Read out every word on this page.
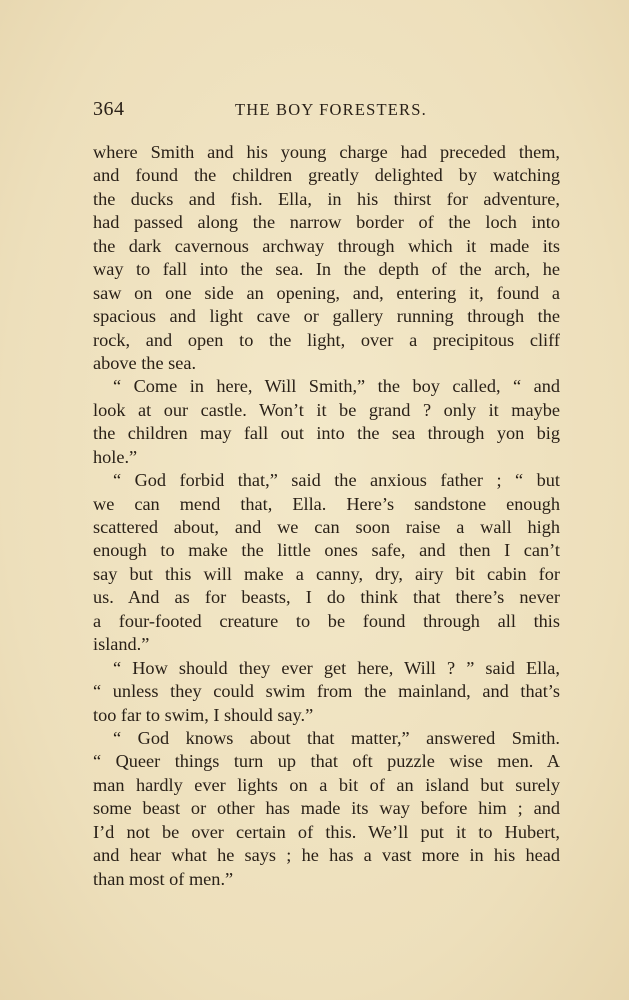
364	THE BOY FORESTERS.
where Smith and his young charge had preceded them,
and found the children greatly delighted by watching
the ducks and fish. Ella, in his thirst for adventure,
had passed along the narrow border of the loch into
the dark cavernous archway through which it made its
way to fall into the sea. In the depth of the arch, he
saw on one side an opening, and, entering it, found a
spacious and light cave or gallery running through the
rock, and open to the light, over a precipitous cliff
above the sea.
“ Come in here, Will Smith,” the boy called, “ and
look at our castle. Won’t it be grand ? only it maybe
the children may fall out into the sea through yon big
hole.”
“ God forbid that,” said the anxious father ; “ but
we can mend that, Ella. Here’s sandstone enough
scattered about, and we can soon raise a wall high
enough to make the little ones safe, and then I can’t
say but this will make a canny, dry, airy bit cabin for
us. And as for beasts, I do think that there’s never
a four-footed creature to be found through all this
island.”
“ How should they ever get here, Will ? ” said Ella,
“ unless they could swim from the mainland, and that’s
too far to swim, I should say.”
“ God knows about that matter,” answered Smith.
“ Queer things turn up that oft puzzle wise men. A
man hardly ever lights on a bit of an island but surely
some beast or other has made its way before him ; and
I’d not be over certain of this. We’ll put it to Hubert,
and hear what he says ; he has a vast more in his head
than most of men.”
